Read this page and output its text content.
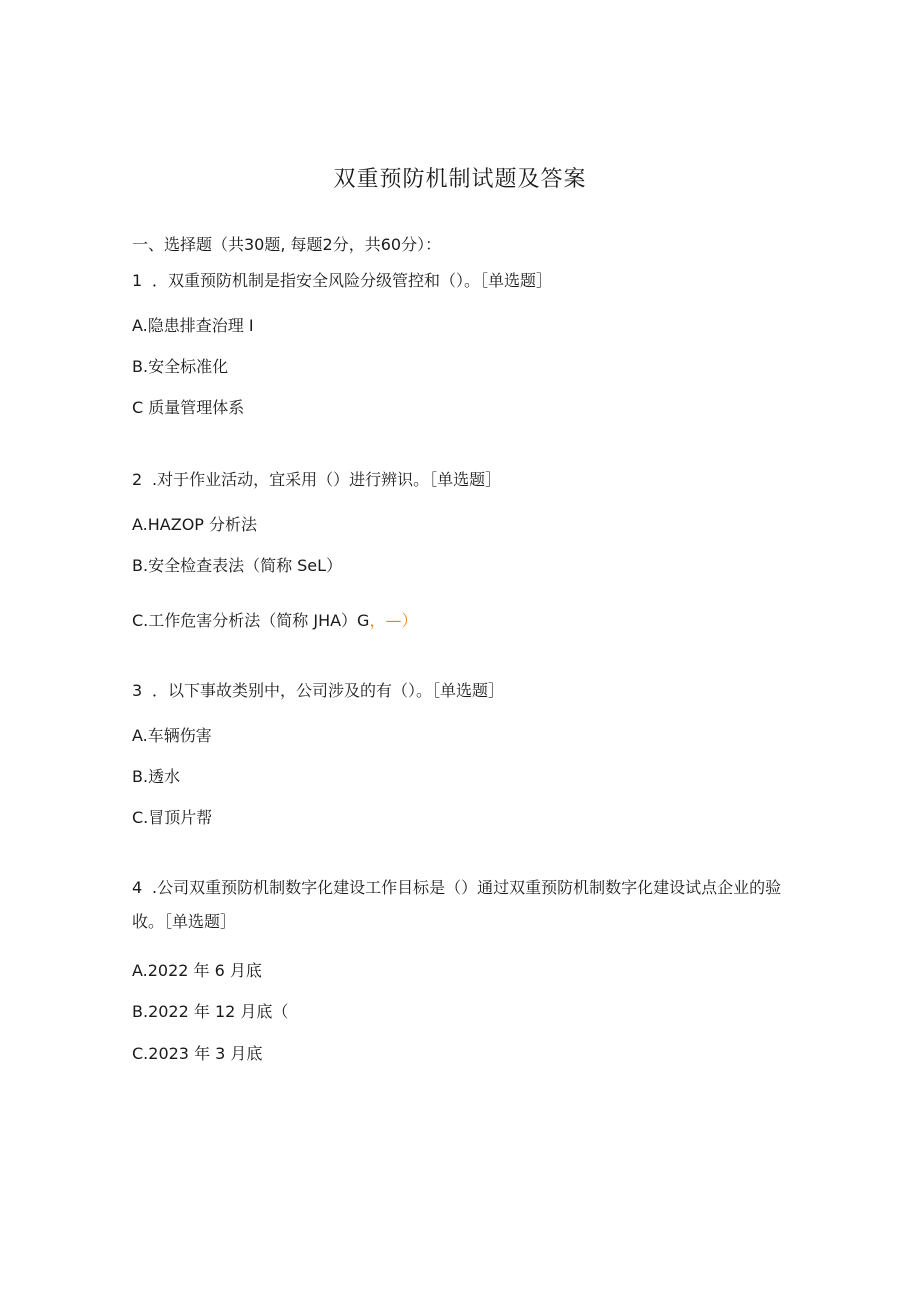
双重预防机制试题及答案
一、选择题（共30题, 每题2分，共60分）：
1 ．双重预防机制是指安全风险分级管控和（）。［单选题］
A.隐患排查治理 I
B.安全标准化
C 质量管理体系
2 .对于作业活动，宜采用（）进行辨识。［单选题］
A.HAZOP 分析法
B.安全检查表法（简称 SeL）
C.工作危害分析法（简称 JHA）G，—）
3 ．以下事故类别中，公司涉及的有（）。［单选题］
A.车辆伤害
B.透水
C.冒顶片帮
4 .公司双重预防机制数字化建设工作目标是（）通过双重预防机制数字化建设试点企业的验收。［单选题］
A.2022 年 6 月底
B.2022 年 12 月底（
C.2023 年 3 月底
